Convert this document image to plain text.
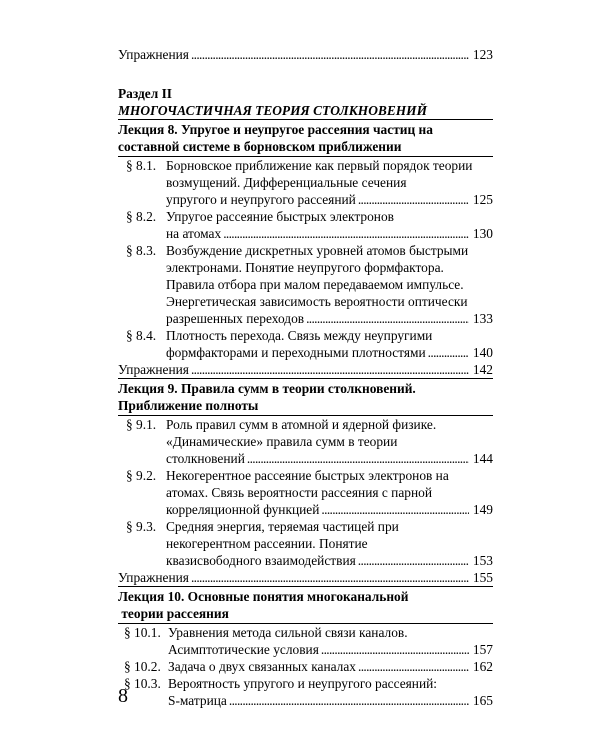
Упражнения . . .	123
Раздел II
МНОГОЧАСТИЧНАЯ ТЕОРИЯ СТОЛКНОВЕНИЙ
Лекция 8. Упругое и неупругое рассеяния частиц на
составной системе в борновском приближении
§ 8.1. Борновское приближение как первый порядок теории
возмущений. Дифференциальные сечения
упругого и неупругого рассеяний . . .	125
§ 8.2. Упругое рассеяние быстрых электронов
на атомах . . .	130
§ 8.3. Возбуждение дискретных уровней атомов быстрыми
электронами. Понятие неупругого формфактора.
Правила отбора при малом передаваемом импульсе.
Энергетическая зависимость вероятности оптически
разрешенных переходов . . .	133
§ 8.4. Плотность перехода. Связь между неупругими
формфакторами и переходными плотностями . . .	140
Упражнения . . .	142
Лекция 9. Правила сумм в теории столкновений.
Приближение полноты
§ 9.1. Роль правил сумм в атомной и ядерной физике.
«Динамические» правила сумм в теории
столкновений . . .	144
§ 9.2. Некогерентное рассеяние быстрых электронов на
атомах. Связь вероятности рассеяния с парной
корреляционной функцией . . .	149
§ 9.3. Средняя энергия, теряемая частицей при
некогерентном рассеянии. Понятие
квазисвободного взаимодействия . . .	153
Упражнения . . .	155
Лекция 10. Основные понятия многоканальной
теории рассеяния
§ 10.1. Уравнения метода сильной связи каналов.
Асимптотические условия . . .	157
§ 10.2. Задача о двух связанных каналах . . .	162
§ 10.3. Вероятность упругого и неупругого рассеяний:
S-матрица . . .	165
8
